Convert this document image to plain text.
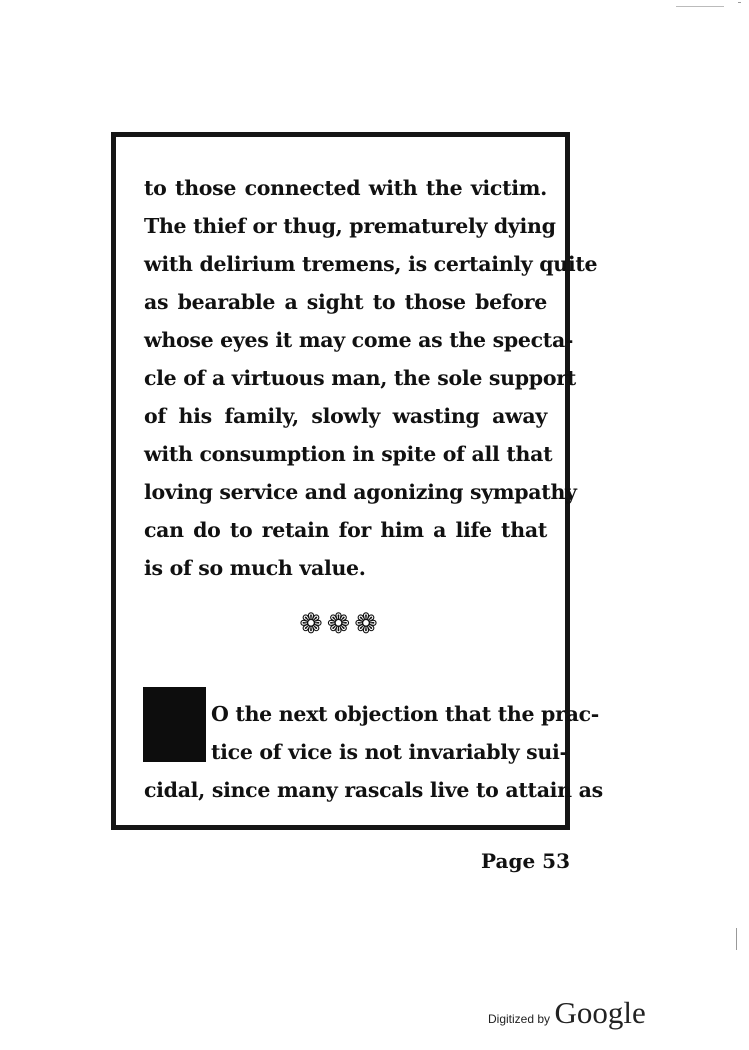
to those connected with the victim.
The thief or thug, prematurely dying
with delirium tremens, is certainly quite
as bearable a sight to those before
whose eyes it may come as the specta-
cle of a virtuous man, the sole support
of his family, slowly wasting away
with consumption in spite of all that
loving service and agonizing sympathy
can do to retain for him a life that
is of so much value.
❁❁❁
O the next objection that the prac-
tice of vice is not invariably sui-
cidal, since many rascals live to attain as
Page 53
Digitized by Google
